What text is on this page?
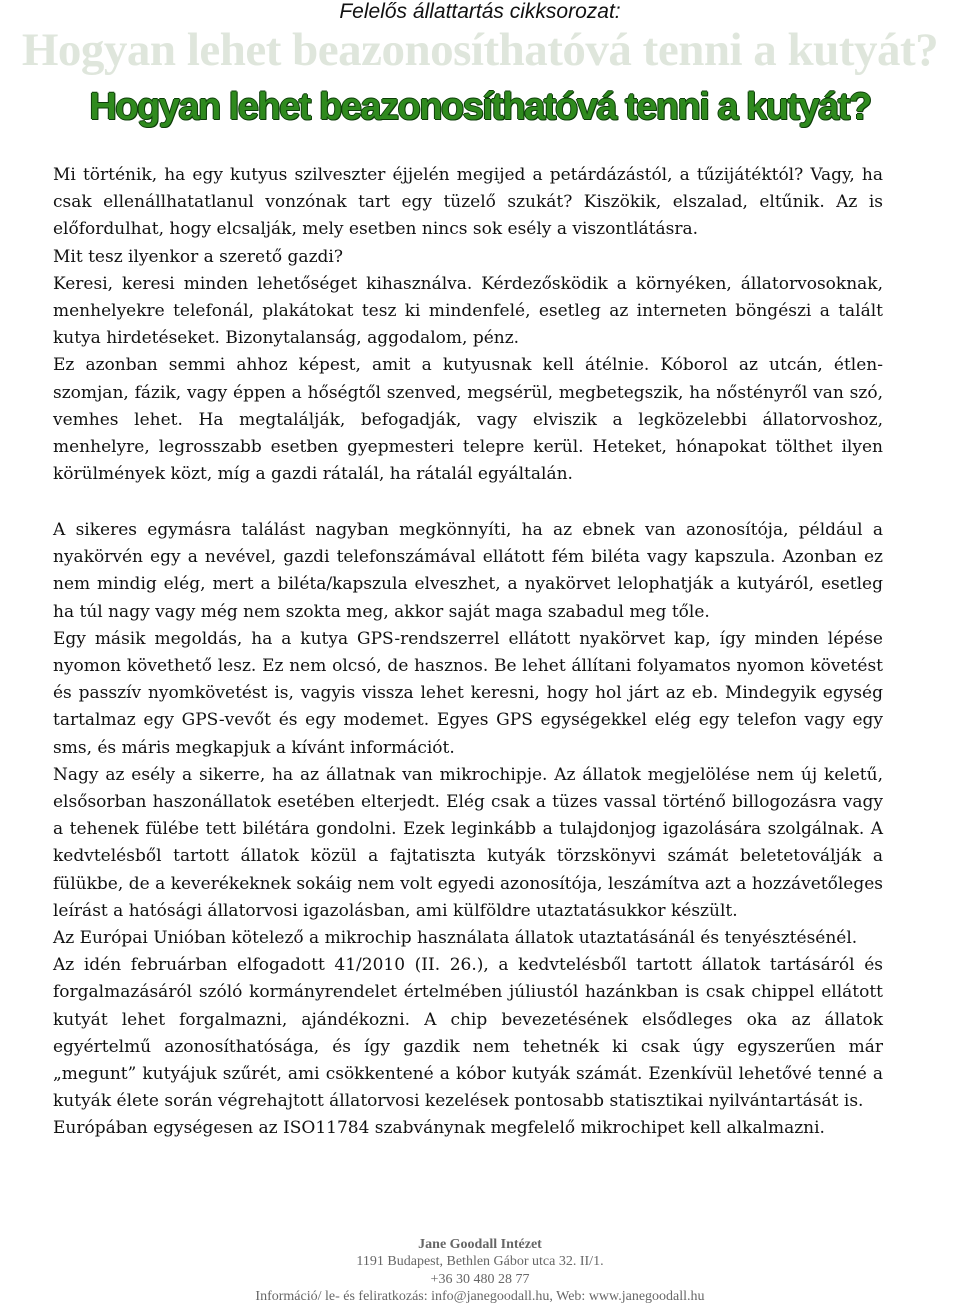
Felelős állattartás cikksorozat:
Hogyan lehet beazonosíthatóvá tenni a kutyát?
Hogyan lehet beazonosíthatóvá tenni a kutyát?

Mi történik, ha egy kutyus szilveszter éjjelén megijed a petárdázástól, a tűzijátéktól? Vagy, ha csak ellenállhatatlanul vonzónak tart egy tüzelő szukát? Kiszökik, elszalad, eltűnik. Az is előfordulhat, hogy elcsalják, mely esetben nincs sok esély a viszontlátásra.

Mit tesz ilyenkor a szerető gazdi?

Keresi, keresi minden lehetőséget kihasználva. Kérdezősködik a környéken, állatorvosoknak, menhelyekre telefonál, plakátokat tesz ki mindenfelé, esetleg az interneten böngészi a talált kutya hirdetéseket. Bizonytalanság, aggodalom, pénz.

Ez azonban semmi ahhoz képest, amit a kutyusnak kell átélnie. Kóborol az utcán, étlen-szomjan, fázik, vagy éppen a hőségtől szenved, megsérül, megbetegszik, ha nőstényről van szó, vemhes lehet. Ha megtalálják, befogadják, vagy elviszik a legközelebbi állatorvoshoz, menhelyre, legrosszabb esetben gyepmesteri telepre kerül. Heteket, hónapokat tölthet ilyen körülmények közt, míg a gazdi rátalál, ha rátalál egyáltalán.

A sikeres egymásra találást nagyban megkönnyíti, ha az ebnek van azonosítója, például a nyakörvén egy a nevével, gazdi telefonszámával ellátott fém biléta vagy kapszula. Azonban ez nem mindig elég, mert a biléta/kapszula elveszhet, a nyakörvet lelophatják a kutyáról, esetleg ha túl nagy vagy még nem szokta meg, akkor saját maga szabadul meg tőle.

Egy másik megoldás, ha a kutya GPS-rendszerrel ellátott nyakörvet kap, így minden lépése nyomon követhető lesz. Ez nem olcsó, de hasznos. Be lehet állítani folyamatos nyomon követést és passzív nyomkövetést is, vagyis vissza lehet keresni, hogy hol járt az eb. Mindegyik egység tartalmaz egy GPS-vevőt és egy modemet. Egyes GPS egységekkel elég egy telefon vagy egy sms, és máris megkapjuk a kívánt információt.

Nagy az esély a sikerre, ha az állatnak van mikrochipje. Az állatok megjelölése nem új keletű, elsősorban haszonállatok esetében elterjedt. Elég csak a tüzes vassal történő billogozásra vagy a tehenek fülébe tett bilétára gondolni. Ezek leginkább a tulajdonjog igazolására szolgálnak. A kedvtelésből tartott állatok közül a fajtatiszta kutyák törzskönyvi számát beletetoválják a fülükbe, de a keverékeknek sokáig nem volt egyedi azonosítója, leszámítva azt a hozzávetőleges leírást a hatósági állatorvosi igazolásban, ami külföldre utaztatásukkor készült.

Az Európai Unióban kötelező a mikrochip használata állatok utaztatásánál és tenyésztésénél.

Az idén februárban elfogadott 41/2010 (II. 26.), a kedvtelésből tartott állatok tartásáról és forgalmazásáról szóló kormányrendelet értelmében júliustól hazánkban is csak chippel ellátott kutyát lehet forgalmazni, ajándékozni. A chip bevezetésének elsődleges oka az állatok egyértelmű azonosíthatósága, és így gazdik nem tehetnék ki csak úgy egyszerűen már „megunt” kutyájuk szűrét, ami csökkentené a kóbor kutyák számát. Ezenkívül lehetővé tenné a kutyák élete során végrehajtott állatorvosi kezelések pontosabb statisztikai nyilvántartását is.

Európában egységesen az ISO11784 szabványnak megfelelő mikrochipet kell alkalmazni.

Jane Goodall Intézet
1191 Budapest, Bethlen Gábor utca 32. II/1.
+36 30 480 28 77
Információ/ le- és feliratkozás: info@janegoodall.hu, Web: www.janegoodall.hu
